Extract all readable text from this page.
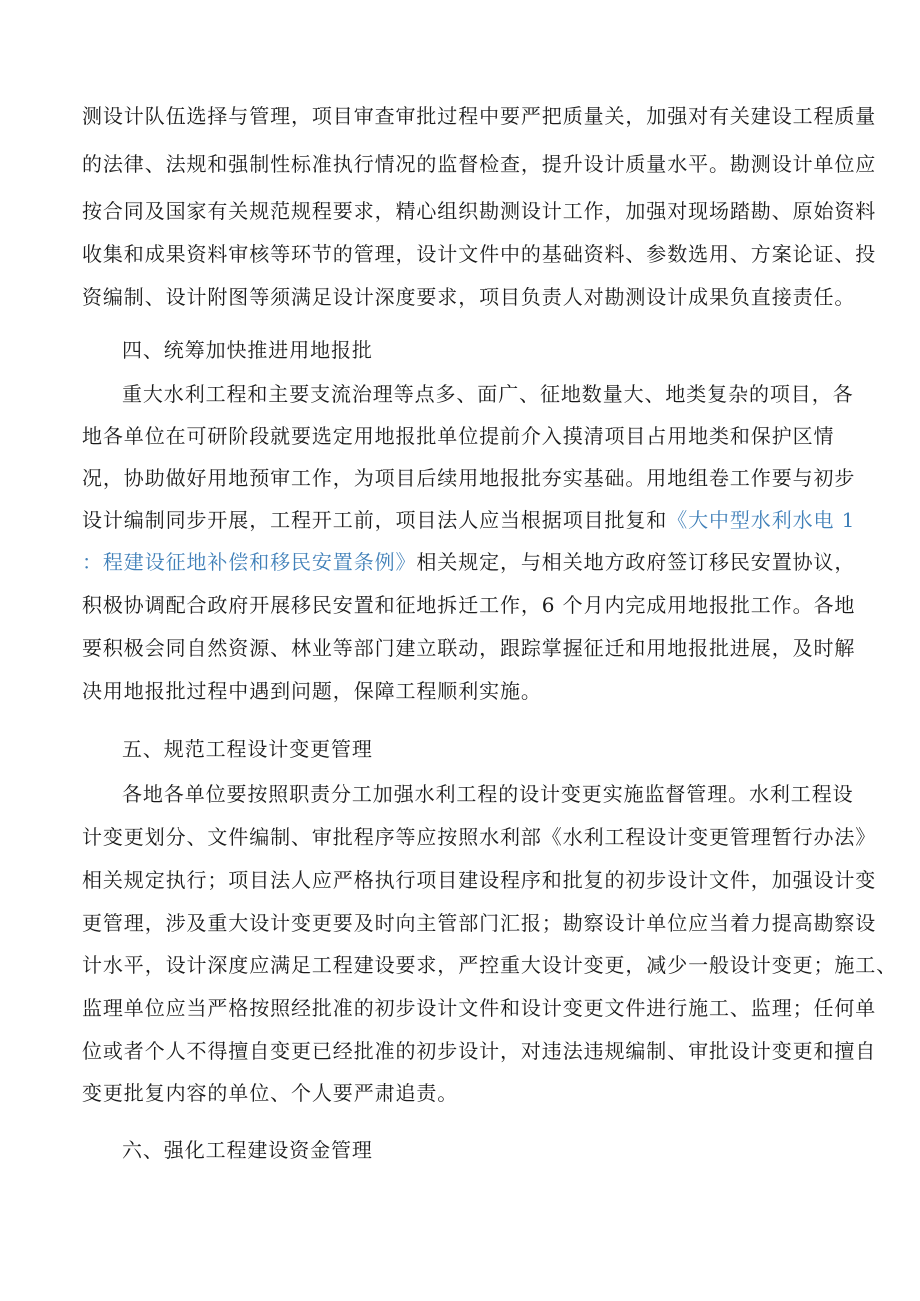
测设计队伍选择与管理，项目审查审批过程中要严把质量关，加强对有关建设工程质量
的法律、法规和强制性标准执行情况的监督检查，提升设计质量水平。勘测设计单位应
按合同及国家有关规范规程要求，精心组织勘测设计工作，加强对现场踏勘、原始资料
收集和成果资料审核等环节的管理，设计文件中的基础资料、参数选用、方案论证、投
资编制、设计附图等须满足设计深度要求，项目负责人对勘测设计成果负直接责任。
四、统筹加快推进用地报批
重大水利工程和主要支流治理等点多、面广、征地数量大、地类复杂的项目，各
地各单位在可研阶段就要选定用地报批单位提前介入摸清项目占用地类和保护区情
况，协助做好用地预审工作，为项目后续用地报批夯实基础。用地组卷工作要与初步
设计编制同步开展，工程开工前，项目法人应当根据项目批复和《大中型水利水电 1
：程建设征地补偿和移民安置条例》相关规定，与相关地方政府签订移民安置协议，
积极协调配合政府开展移民安置和征地拆迁工作，6 个月内完成用地报批工作。各地
要积极会同自然资源、林业等部门建立联动，跟踪掌握征迁和用地报批进展，及时解
决用地报批过程中遇到问题，保障工程顺利实施。
五、规范工程设计变更管理
各地各单位要按照职责分工加强水利工程的设计变更实施监督管理。水利工程设
计变更划分、文件编制、审批程序等应按照水利部《水利工程设计变更管理暂行办法》
相关规定执行；项目法人应严格执行项目建设程序和批复的初步设计文件，加强设计变
更管理，涉及重大设计变更要及时向主管部门汇报；勘察设计单位应当着力提高勘察设
计水平，设计深度应满足工程建设要求，严控重大设计变更，减少一般设计变更；施工、
监理单位应当严格按照经批准的初步设计文件和设计变更文件进行施工、监理；任何单
位或者个人不得擅自变更已经批准的初步设计，对违法违规编制、审批设计变更和擅自
变更批复内容的单位、个人要严肃追责。
六、强化工程建设资金管理
